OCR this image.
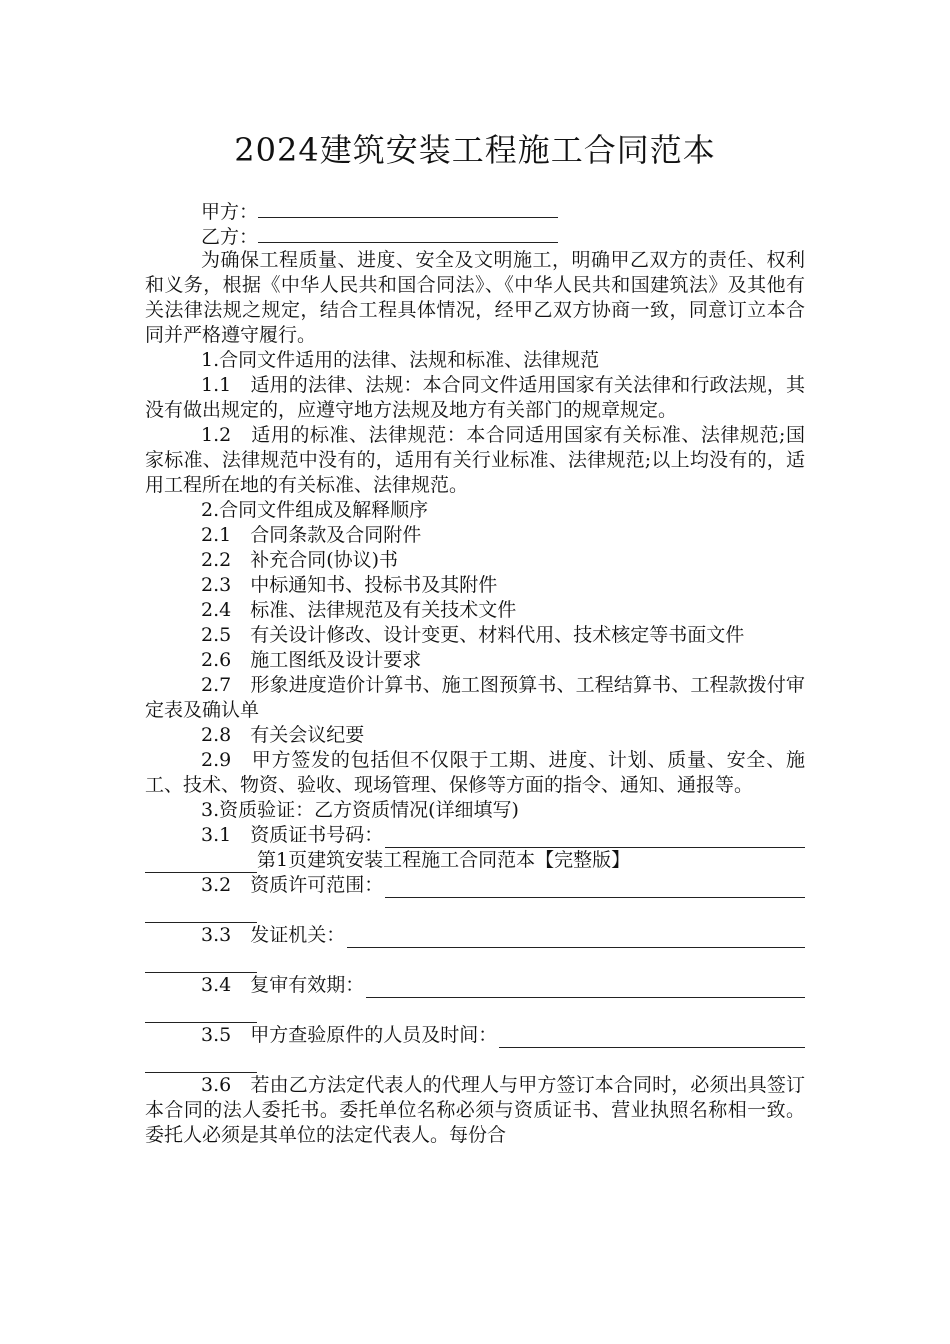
2024建筑安装工程施工合同范本
甲方：
乙方：

为确保工程质量、进度、安全及文明施工，明确甲乙双方的责任、权利和义务，根据《中华人民共和国合同法》、《中华人民共和国建筑法》及其他有关法律法规之规定，结合工程具体情况，经甲乙双方协商一致，同意订立本合同并严格遵守履行。

1.合同文件适用的法律、法规和标准、法律规范

1.1　适用的法律、法规：本合同文件适用国家有关法律和行政法规，其没有做出规定的，应遵守地方法规及地方有关部门的规章规定。

1.2　适用的标准、法律规范：本合同适用国家有关标准、法律规范;国家标准、法律规范中没有的，适用有关行业标准、法律规范;以上均没有的，适用工程所在地的有关标准、法律规范。

2.合同文件组成及解释顺序

2.1　合同条款及合同附件

2.2　补充合同(协议)书

2.3　中标通知书、投标书及其附件

2.4　标准、法律规范及有关技术文件

2.5　有关设计修改、设计变更、材料代用、技术核定等书面文件

2.6　施工图纸及设计要求

2.7　形象进度造价计算书、施工图预算书、工程结算书、工程款拨付审定表及确认单

2.8　有关会议纪要

2.9　甲方签发的包括但不仅限于工期、进度、计划、质量、安全、施工、技术、物资、验收、现场管理、保修等方面的指令、通知、通报等。

3.资质验证：乙方资质情况(详细填写)

3.1　资质证书号码：
第1页建筑安装工程施工合同范本【完整版】
3.2　资质许可范围：
3.3　发证机关：
3.4　复审有效期：
3.5　甲方查验原件的人员及时间：

3.6　若由乙方法定代表人的代理人与甲方签订本合同时，必须出具签订本合同的法人委托书。委托单位名称必须与资质证书、营业执照名称相一致。委托人必须是其单位的法定代表人。每份合
